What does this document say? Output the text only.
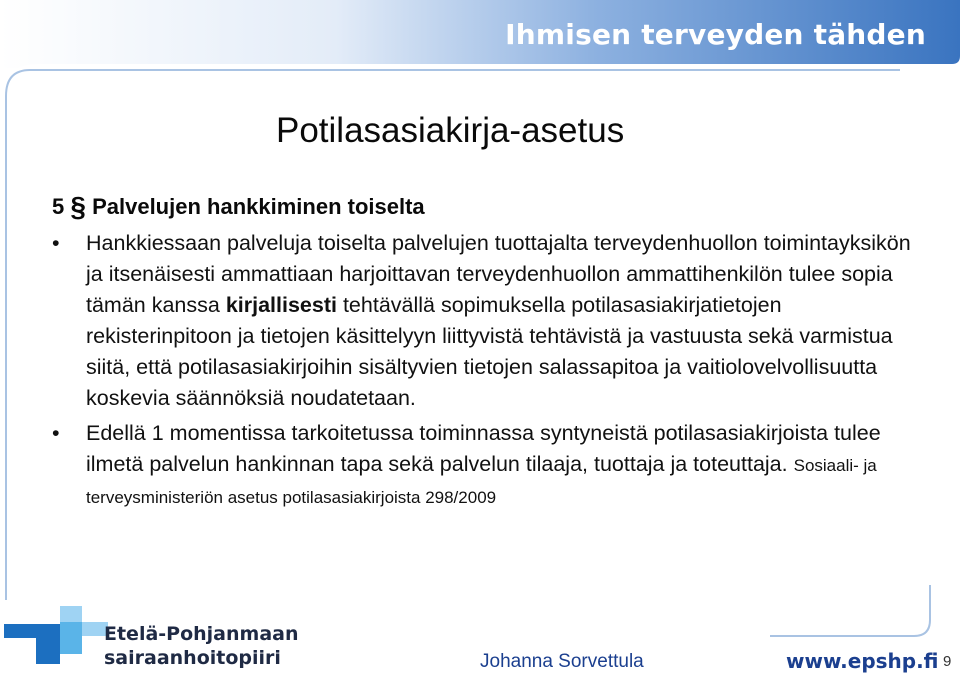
Ihmisen terveyden tähden
Potilasasiakirja-asetus
5 § Palvelujen hankkiminen toiselta
• Hankkiessaan palveluja toiselta palvelujen tuottajalta terveydenhuollon toimintayksikön ja itsenäisesti ammattiaan harjoittavan terveydenhuollon ammattihenkilön tulee sopia tämän kanssa kirjallisesti tehtävällä sopimuksella potilasasiakirjatietojen rekisterinpitoon ja tietojen käsittelyyn liittyvistä tehtävistä ja vastuusta sekä varmistua siitä, että potilasasiakirjoihin sisältyvien tietojen salassapitoa ja vaitiolovelvollisuutta koskevia säännöksiä noudatetaan.
• Edellä 1 momentissa tarkoitetussa toiminnassa syntyneistä potilasasiakirjoista tulee ilmetä palvelun hankinnan tapa sekä palvelun tilaaja, tuottaja ja toteuttaja. Sosiaali- ja terveysministeriön asetus potilasasiakirjoista 298/2009
Etelä-Pohjanmaan
sairaanhoitopiiri	Johanna Sorvettula	www.epshp.fi 9
